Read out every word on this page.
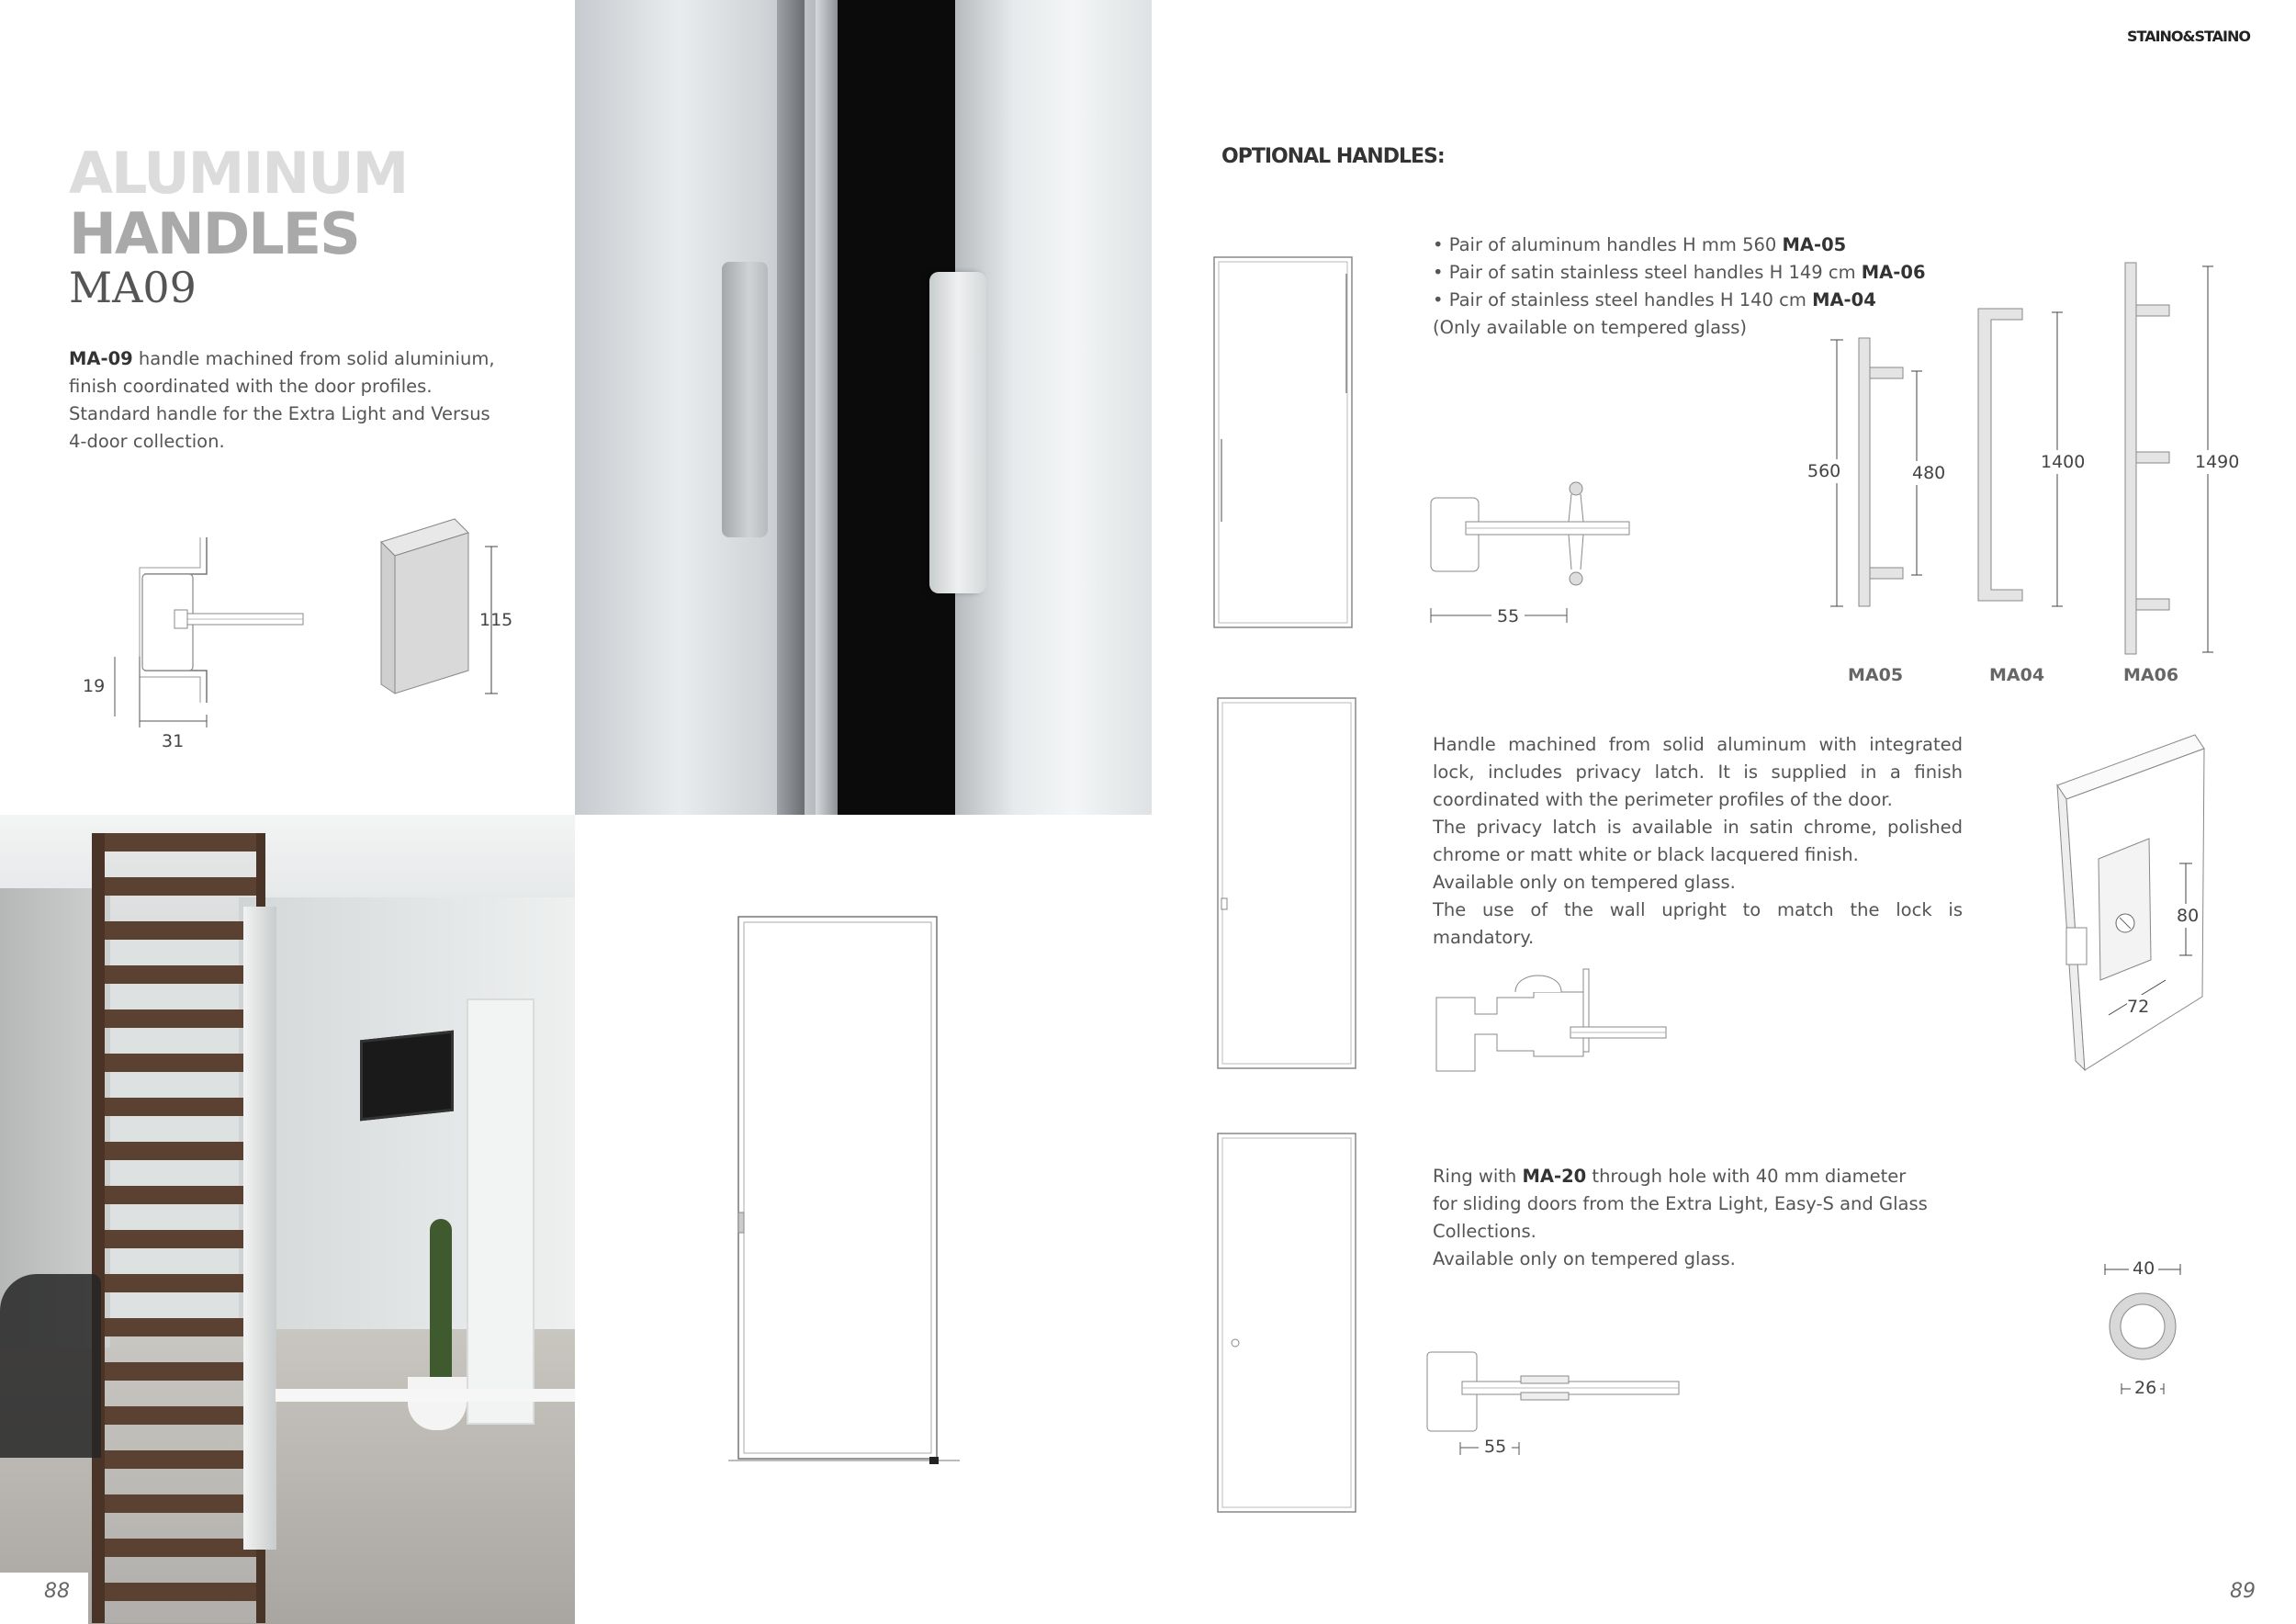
ALUMINUM
HANDLES
MA09
MA-09 handle machined from solid aluminium, finish coordinated with the door profiles. Standard handle for the Extra Light and Versus 4-door collection.
19
31
115
88
STAINO&STAINO
OPTIONAL HANDLES:
• Pair of aluminum handles H mm 560 MA-05
• Pair of satin stainless steel handles H 149 cm MA-06
• Pair of stainless steel handles H 140 cm MA-04
(Only available on tempered glass)
55
560	480
1400	1490
MA05	MA04	MA06
Handle machined from solid aluminum with integrated lock, includes privacy latch. It is supplied in a finish coordinated with the perimeter profiles of the door.
The privacy latch is available in satin chrome, polished chrome or matt white or black lacquered finish.
Available only on tempered glass.
The use of the wall upright to match the lock is mandatory.
80
72
Ring with MA-20 through hole with 40 mm diameter for sliding doors from the Extra Light, Easy-S and Glass Collections.
Available only on tempered glass.
55
40
26
89
